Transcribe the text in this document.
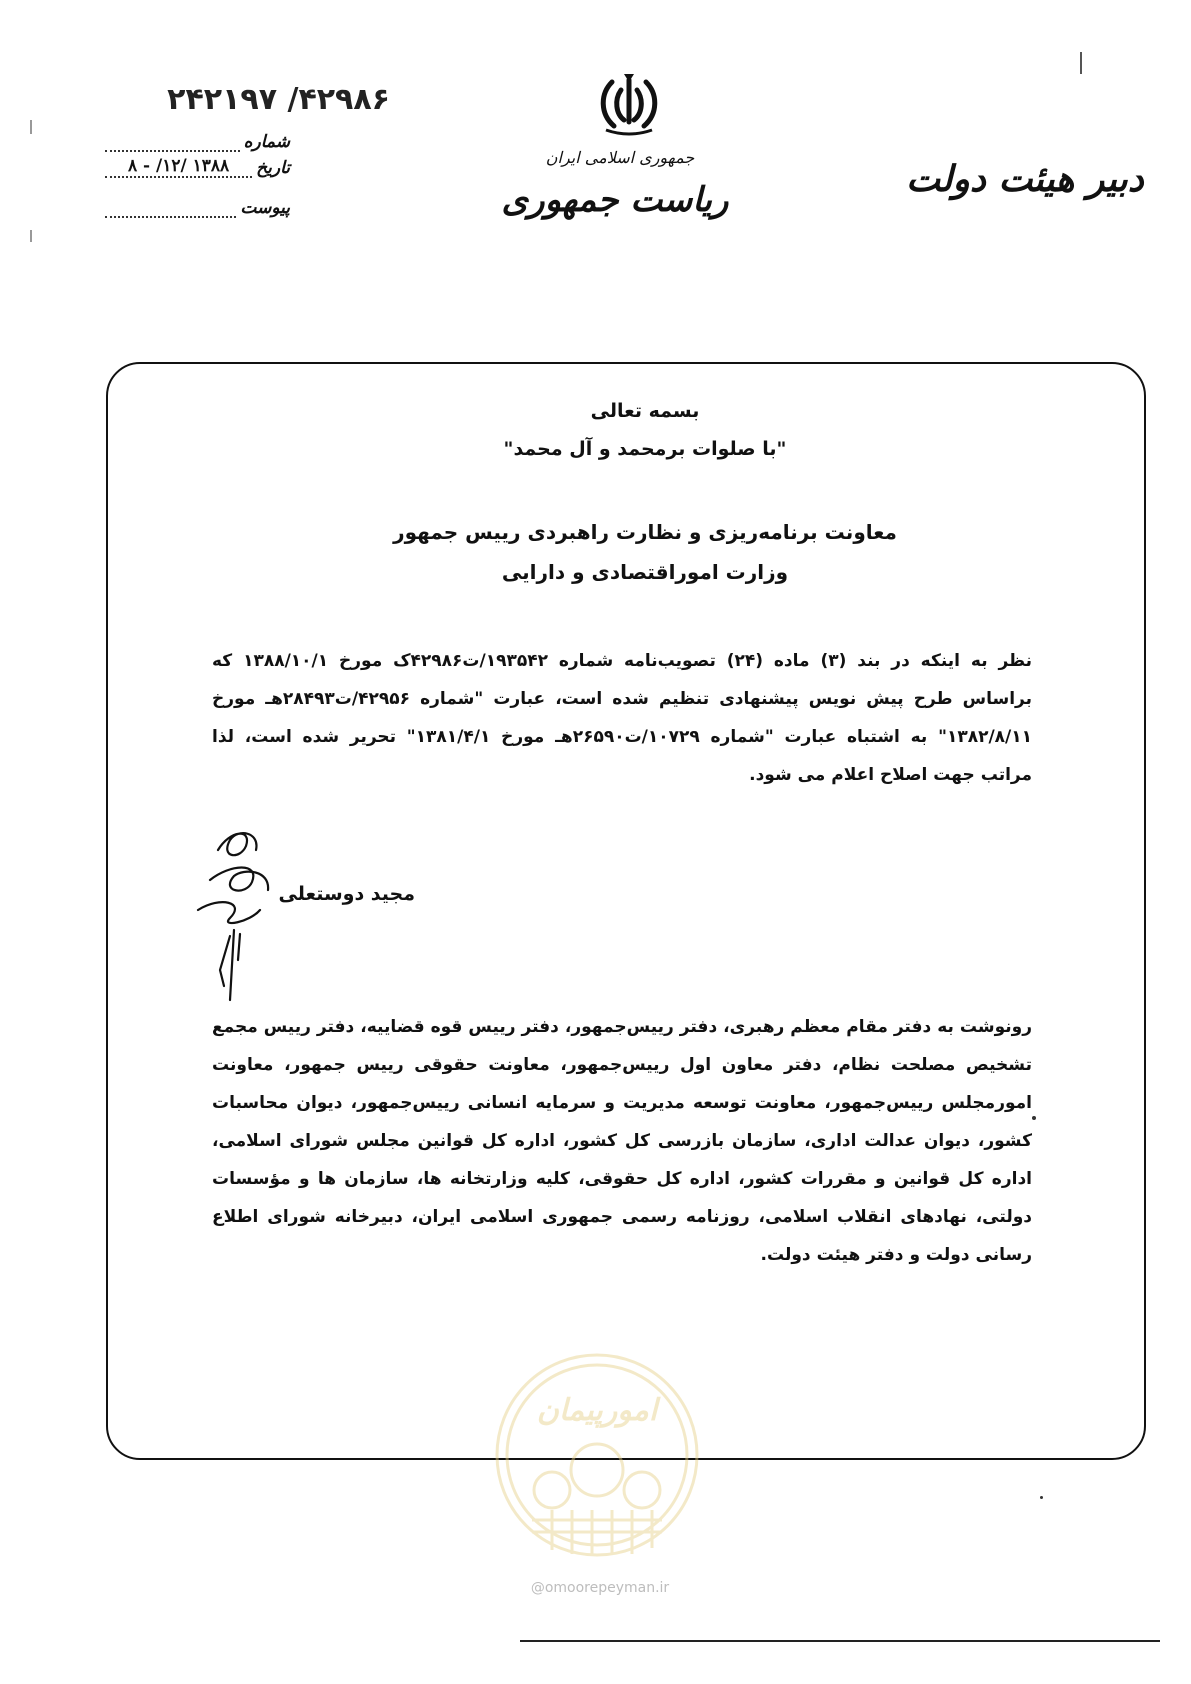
۴۲۹۸۶/ ۲۴۲۱۹۷
شماره
تاریخ
۱۳۸۸ /۱۲/ - ۸
پیوست
جمهوری اسلامی ایران
ریاست جمهوری	دبیر هیئت دولت
بسمه تعالی
"با صلوات برمحمد و آل محمد"
معاونت برنامه‌ریزی و نظارت راهبردی رییس جمهور
وزارت اموراقتصادی و دارایی
نظر به اینکه در بند (۳) ماده (۲۴) تصویب‌نامه شماره ۱۹۳۵۴۲/ت۴۲۹۸۶ک مورخ ۱۳۸۸/۱۰/۱ که براساس طرح پیش نویس پیشنهادی تنظیم شده است، عبارت "شماره ۴۲۹۵۶/ت۲۸۴۹۳هـ مورخ ۱۳۸۲/۸/۱۱" به اشتباه عبارت "شماره ۱۰۷۲۹/ت۲۶۵۹۰هـ مورخ ۱۳۸۱/۴/۱" تحریر شده است، لذا مراتب جهت اصلاح اعلام می شود.
مجید دوستعلی
رونوشت به دفتر مقام معظم رهبری، دفتر رییس‌جمهور، دفتر رییس قوه قضاییه، دفتر رییس مجمع تشخیص مصلحت نظام، دفتر معاون اول رییس‌جمهور، معاونت حقوقی رییس جمهور، معاونت امورمجلس رییس‌جمهور، معاونت توسعه مدیریت و سرمایه انسانی رییس‌جمهور، دیوان محاسبات کشور، دیوان عدالت اداری، سازمان بازرسی کل کشور، اداره کل قوانین مجلس شورای اسلامی، اداره کل قوانین و مقررات کشور، اداره کل حقوقی، کلیه وزارتخانه ها، سازمان ها و مؤسسات دولتی، نهادهای انقلاب اسلامی، روزنامه رسمی جمهوری اسلامی ایران، دبیرخانه شورای اطلاع رسانی دولت و دفتر هیئت دولت.
امورپیمان
@omoorepeyman.ir
